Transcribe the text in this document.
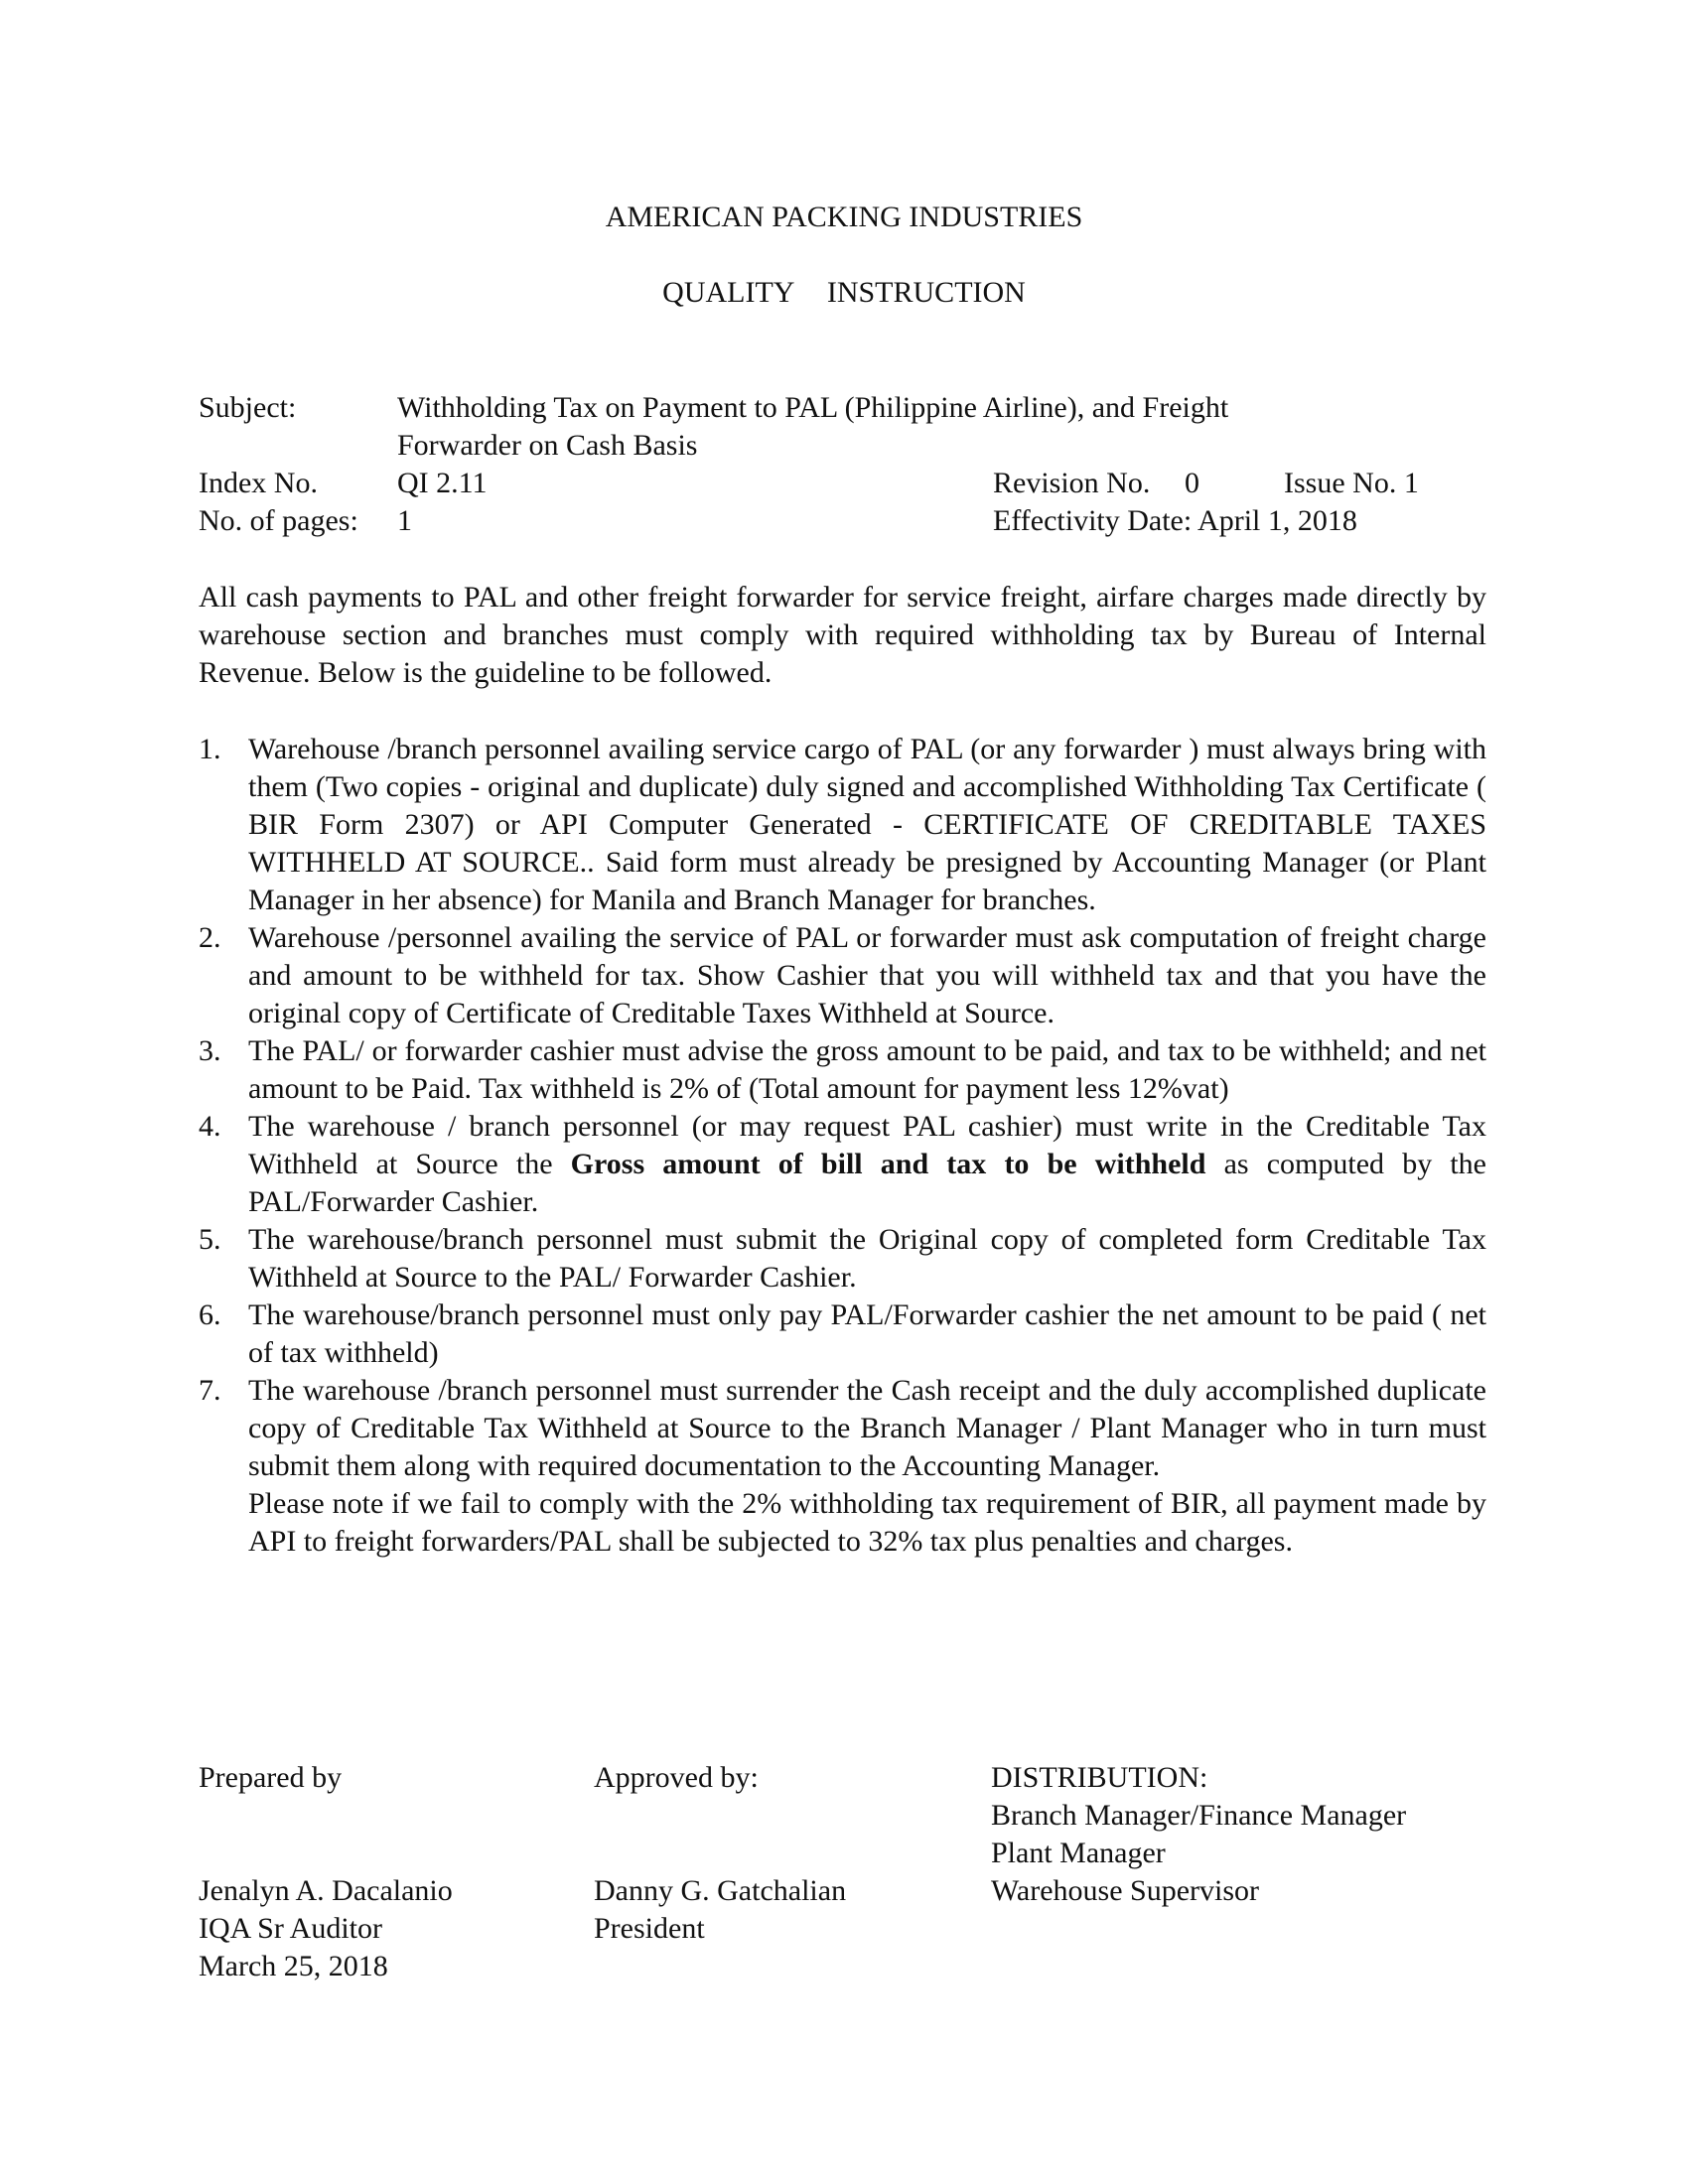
AMERICAN PACKING INDUSTRIES
QUALITY INSTRUCTION
Subject:	Withholding Tax on Payment to PAL (Philippine Airline), and Freight
Forwarder on Cash Basis
Index No.	QI 2.11	Revision No. 0	Issue No. 1
No. of pages: 1	Effectivity Date: April 1, 2018
All cash payments to PAL and other freight forwarder for service freight, airfare charges made directly by warehouse section and branches must comply with required withholding tax by Bureau of Internal Revenue. Below is the guideline to be followed.
1. Warehouse /branch personnel availing service cargo of PAL (or any forwarder ) must always bring with them (Two copies - original and duplicate) duly signed and accomplished Withholding Tax Certificate ( BIR Form 2307) or API Computer Generated - CERTIFICATE OF CREDITABLE TAXES WITHHELD AT SOURCE.. Said form must already be presigned by Accounting Manager (or Plant Manager in her absence) for Manila and Branch Manager for branches.
2. Warehouse /personnel availing the service of PAL or forwarder must ask computation of freight charge and amount to be withheld for tax. Show Cashier that you will withheld tax and that you have the original copy of Certificate of Creditable Taxes Withheld at Source.
3. The PAL/ or forwarder cashier must advise the gross amount to be paid, and tax to be withheld; and net amount to be Paid. Tax withheld is 2% of (Total amount for payment less 12%vat)
4. The warehouse / branch personnel (or may request PAL cashier) must write in the Creditable Tax Withheld at Source the Gross amount of bill and tax to be withheld as computed by the PAL/Forwarder Cashier.
5. The warehouse/branch personnel must submit the Original copy of completed form Creditable Tax Withheld at Source to the PAL/ Forwarder Cashier.
6. The warehouse/branch personnel must only pay PAL/Forwarder cashier the net amount to be paid ( net of tax withheld)
7. The warehouse /branch personnel must surrender the Cash receipt and the duly accomplished duplicate copy of Creditable Tax Withheld at Source to the Branch Manager / Plant Manager who in turn must submit them along with required documentation to the Accounting Manager.
Please note if we fail to comply with the 2% withholding tax requirement of BIR, all payment made by API to freight forwarders/PAL shall be subjected to 32% tax plus penalties and charges.
Prepared by
Jenalyn A. Dacalanio
IQA Sr Auditor
March 25, 2018
Approved by:
Danny G. Gatchalian
President
DISTRIBUTION:
Branch Manager/Finance Manager
Plant Manager
Warehouse Supervisor
